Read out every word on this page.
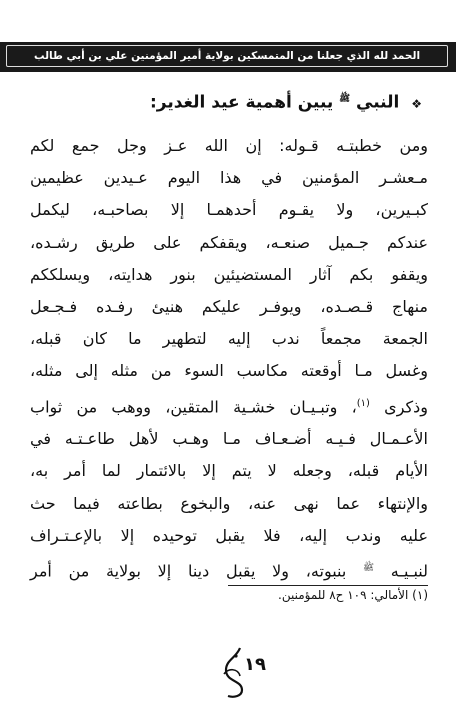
الحمد لله الذي جعلنا من المتمسكين بولاية أمير المؤمنين علي بن أبي طالب
❖ النبي $^ﷺ$ يبين أهمية عيد الغدير:
ومن خطبتـه قـوله: إن الله عـز وجل جمع لكم
مـعشـر المؤمنين في هذا اليوم عـيدين عظيمين
كبـيرين، ولا يقـوم أحدهمـا إلا بصاحبـه، ليكمل
عندكم جـميل صنعـه، ويقفكم على طريق رشـده،
ويقفو بكم آثار المستضيئين بنور هدايته، ويسلككم
منهاج قـصـده، ويوفـر عليكم هنيئ رفـده فـجـعل
الجمعة مجمعاً ندب إليه لتطهير ما كان قبله،
وغسل مـا أوقعته مكاسب السوء من مثله إلى مثله،
وذكرى $^{(١)}$، وتبـيـان خشـية المتقين، ووهب من ثواب
الأعـمـال فـيـه أضـعـاف مـا وهـب لأهل طاعـتـه في
الأيام قبله، وجعله لا يتم إلا بالائتمار لما أمر به،
والإنتهاء عما نهى عنه، والبخوع بطاعته فيما حث
عليه وندب إليه، فلا يقبل توحيده إلا بالإعـتـراف
لنبـيـه $^ﷺ$ بنبوته، ولا يقبل دينا إلا بولاية من أمر
(١) الأمالي: ١٠٩ ح٨ للمؤمنين.
١٩
